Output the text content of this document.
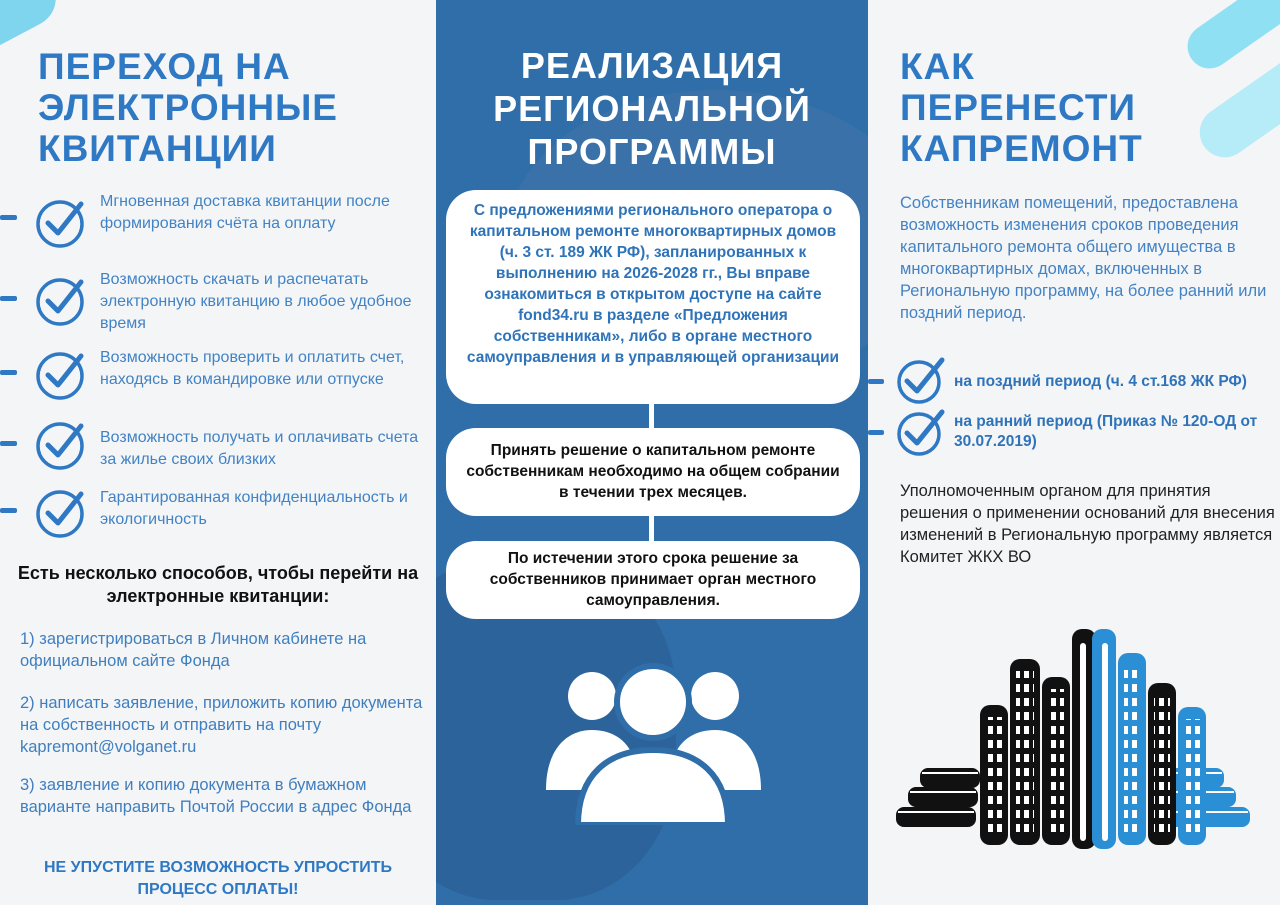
ПЕРЕХОД НА
ЭЛЕКТРОННЫЕ
КВИТАНЦИИ
Мгновенная доставка квитанции после формирования счёта на оплату
Возможность скачать и распечатать электронную квитанцию в любое удобное время
Возможность проверить и оплатить счет, находясь в командировке или отпуске
Возможность получать и оплачивать счета за жилье своих близких
Гарантированная конфиденциальность и экологичность
Есть несколько способов, чтобы перейти на электронные квитанции:
1) зарегистрироваться в Личном кабинете на официальном сайте Фонда
2) написать заявление, приложить копию документа на собственность и отправить на почту kapremont@volganet.ru
3) заявление и копию документа в бумажном варианте направить Почтой России в адрес Фонда
НЕ УПУСТИТЕ ВОЗМОЖНОСТЬ УПРОСТИТЬ ПРОЦЕСС ОПЛАТЫ!
РЕАЛИЗАЦИЯ
РЕГИОНАЛЬНОЙ
ПРОГРАММЫ
С предложениями регионального оператора о капитальном ремонте многоквартирных домов (ч. 3 ст. 189 ЖК РФ), запланированных к выполнению на 2026-2028 гг., Вы вправе ознакомиться в открытом доступе на сайте fond34.ru в разделе «Предложения собственникам», либо в органе местного самоуправления и в управляющей организации
Принять решение о капитальном ремонте собственникам необходимо на общем собрании в течении трех месяцев.
По истечении этого срока решение за собственников принимает орган местного самоуправления.
КАК
ПЕРЕНЕСТИ
КАПРЕМОНТ
Собственникам помещений, предоставлена возможность изменения сроков проведения капитального ремонта общего имущества в многоквартирных домах, включенных в Региональную программу, на более ранний или поздний период.
на поздний период (ч. 4 ст.168 ЖК РФ)
на ранний период (Приказ № 120-ОД от 30.07.2019)
Уполномоченным органом для принятия решения о применении оснований для внесения изменений в Региональную программу является Комитет ЖКХ ВО
